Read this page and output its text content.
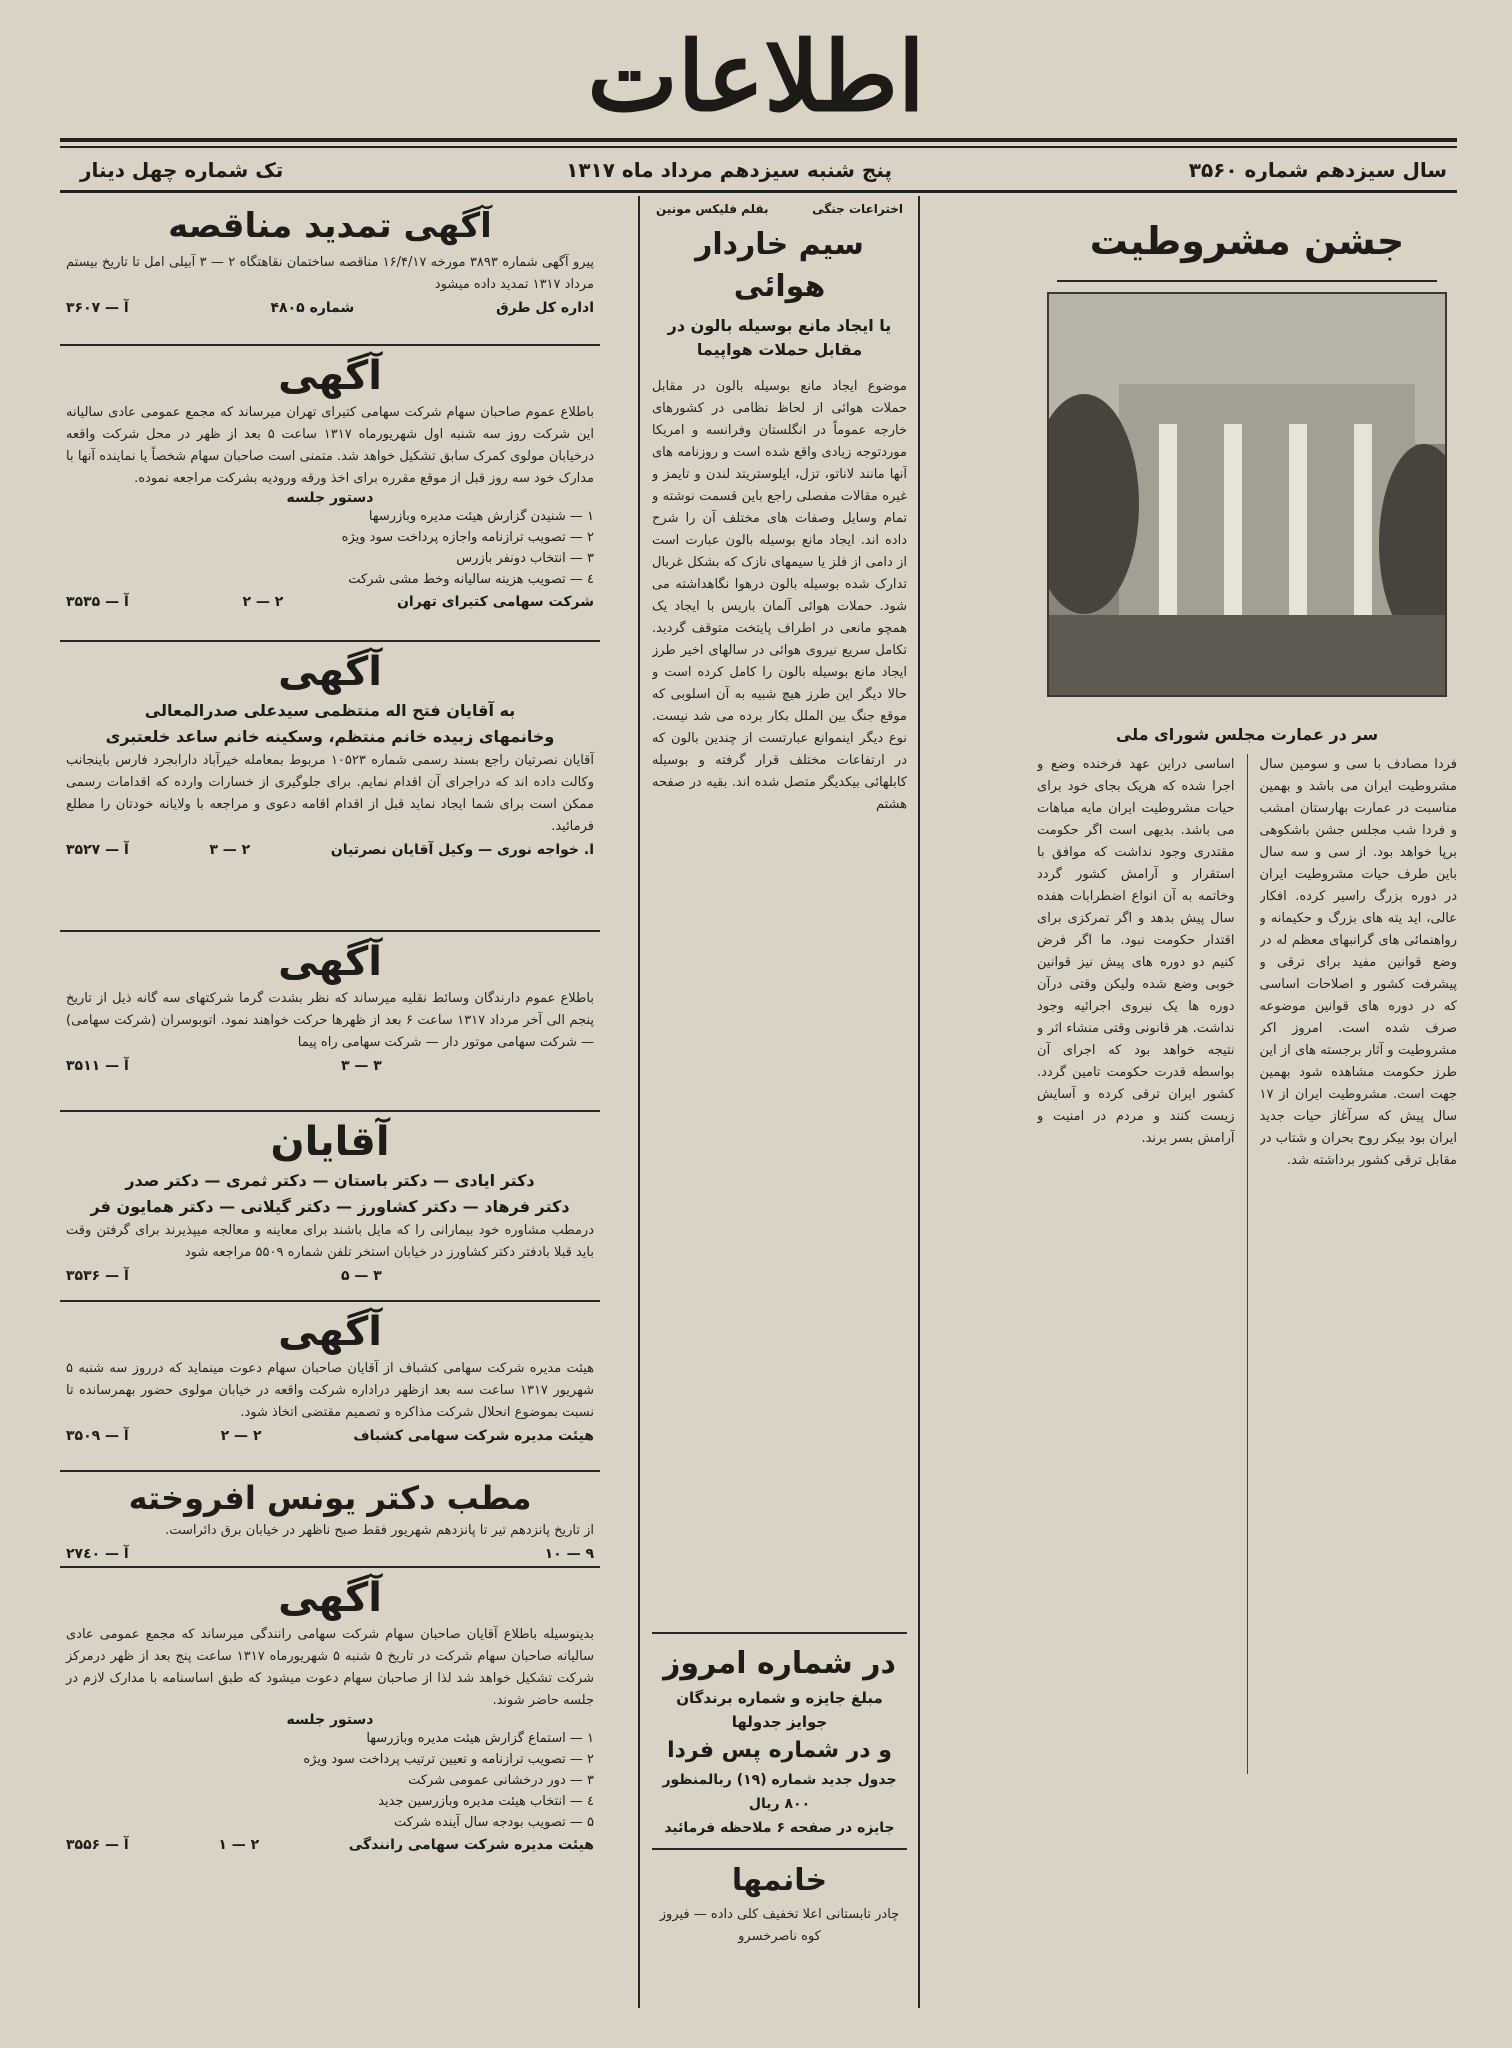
اطلاعات
سال سیزدهم شماره ۳۵۶۰
پنج شنبه سیزدهم مرداد ماه ۱۳۱۷
تک شماره چهل دینار
جشن مشروطیت
سر در عمارت مجلس شورای ملی
فردا مصادف با سی و سومین سال مشروطیت ایران می باشد و بهمین مناسبت در عمارت بهارستان امشب و فردا شب مجلس جشن باشکوهی برپا خواهد بود. از سی و سه سال باین طرف حیات مشروطیت ایران در دوره بزرگ راسیر کرده. افکار عالی، اید یته های بزرگ و حکیمانه و رواهنمائی های گرانبهای معظم له در وضع قوانین مفید برای ترقی و پیشرفت کشور و اصلاحات اساسی که در دوره های قوانین موضوعه صرف شده است. امروز اکر مشروطیت و آثار برجسته های از این طرز حکومت مشاهده شود بهمین جهت است. مشروطیت ایران از ۱۷ سال پیش که سرآغاز حیات جدید ایران بود بیکر روح بحران و شتاب در مقابل ترقی کشور برداشته شد.
اساسی دراین عهد فرخنده وضع و اجرا شده که هریک بجای خود برای حیات مشروطیت ایران مایه مباهات می باشد. بدیهی است اگر حکومت مقتدری وجود نداشت که موافق با استقرار و آرامش کشور گردد وخاتمه به آن انواع اضطرابات هفده سال پیش بدهد و اگر تمرکزی برای اقتدار حکومت نبود. ما اگر فرض کنیم دو دوره های پیش نیز قوانین خوبی وضع شده ولیکن وقتی درآن دوره ها یک نیروی اجرائیه وجود نداشت. هر قانونی وقتی منشاء اثر و نتیجه خواهد بود که اجرای آن بواسطه قدرت حکومت تامین گردد. کشور ایران ترقی کرده و آسایش زیست کنند و مردم در امنیت و آرامش بسر برند.
اختراعات جنگی
بقلم فلیکس مونین
سیم خاردار هوائی
یا ایجاد مانع بوسیله بالون در مقابل حملات هواپیما
موضوع ایجاد مانع بوسیله بالون در مقابل حملات هوائی از لحاظ نظامی در کشورهای خارجه عموماً در انگلستان وفرانسه و امریکا موردتوجه زیادی واقع شده است و روزنامه های آنها مانند لاناتو، تزل، ایلوستریتد لندن و تایمز و غیره مقالات مفصلی راجع باین قسمت نوشته و تمام وسایل وصفات های مختلف آن را شرح داده اند. ایجاد مانع بوسیله بالون عبارت است از دامی از فلز یا سیمهای نازک که بشکل غربال تدارک شده بوسیله بالون درهوا نگاهداشته می شود. حملات هوائی آلمان باریس با ایجاد یک همچو مانعی در اطراف پایتخت متوقف گردید. تکامل سریع نیروی هوائی در سالهای اخیر طرز ایجاد مانع بوسیله بالون را کامل کرده است و حالا دیگر این طرز هیچ شبیه به آن اسلوبی که موقع جنگ بین الملل بکار برده می شد نیست. نوع دیگر اینموانع عبارتست از چندین بالون که در ارتفاعات مختلف قرار گرفته و بوسیله کابلهائی بیکدیگر متصل شده اند. بقیه در صفحه هشتم
در شماره امروز
مبلغ جایزه و شماره برندگان
جوایز جدولها
و در شماره پس فردا
جدول جدید شماره (۱۹) ربالمنظور ۸۰۰ ریال
جایزه در صفحه ۶ ملاحظه فرمائید
خانمها
چادر تابستانی اعلا تخفیف کلی داده — فیروز کوه ناصرخسرو
آگهی تمدید مناقصه
پیرو آگهی شماره ۳۸۹۳ مورخه ۱۶/۴/۱۷ مناقصه ساختمان نقاهتگاه ۲ — ۳ آبیلی امل تا تاریخ بیستم مرداد ۱۳۱۷ تمدید داده میشود
اداره کل طرق
شماره ۴۸۰۵
آ — ۳۶۰۷
آگهی
باطلاع عموم صاحبان سهام شرکت سهامی کتیرای تهران میرساند که مجمع عمومی عادی سالیانه این شرکت روز سه شنبه اول شهریورماه ۱۳۱۷ ساعت ۵ بعد از ظهر در محل شرکت واقعه درخیابان مولوی کمرک سابق تشکیل خواهد شد. متمنی است صاحبان سهام شخصاً یا نماینده آنها با مدارک خود سه روز قبل از موقع مقرره برای اخذ ورقه ورودیه بشرکت مراجعه نموده.
دستور جلسه
۱ — شنیدن گزارش هیئت مدیره وبازرسها
۲ — تصویب ترازنامه واجازه پرداخت سود ویژه
۳ — انتخاب دونفر بازرس
٤ — تصویب هزینه سالیانه وخط مشی شرکت
شرکت سهامی کتیرای تهران
۲ — ۲
آ — ۳۵۳۵
آگهی
به آقایان فتح اله منتظمی سیدعلی صدرالمعالی
وخانمهای زبیده خانم منتظم، وسکینه خانم ساعد خلعتبری
آقایان نصرتیان راجع بسند رسمی شماره ۱۰۵۲۳ مربوط بمعامله خیرآباد دارابجرد فارس باینجانب وکالت داده اند که دراجرای آن اقدام نمایم. برای جلوگیری از خسارات وارده که اقدامات رسمی ممکن است برای شما ایجاد نماید قبل از اقدام اقامه دعوی و مراجعه با ولایانه خودتان را مطلع فرمائید.
ا. خواجه نوری — وکیل آقایان نصرتیان
۲ — ۳
آ — ۳۵۲۷
آگهی
باطلاع عموم دارندگان وسائط نقلیه میرساند که نظر بشدت گرما شرکتهای سه گانه ذیل از تاریخ پنجم الی آخر مرداد ۱۳۱۷ ساعت ۶ بعد از ظهرها حرکت خواهند نمود. اتوبوسران (شرکت سهامی) — شرکت سهامی موتور دار — شرکت سهامی راه پیما
۳ — ۳
آ — ۳۵۱۱
آقایان
دکتر ایادی — دکتر باستان — دکتر ثمری — دکتر صدر
دکتر فرهاد — دکتر کشاورز — دکتر گیلانی — دکتر همایون فر
درمطب مشاوره خود بیمارانی را که مایل باشند برای معاینه و معالجه میپذیرند برای گرفتن وقت باید قبلا بادفتر دکتر کشاورز در خیابان استخر تلفن شماره ۵۵۰۹ مراجعه شود
۳ — ۵
آ — ۳۵۳۶
آگهی
هیئت مدیره شرکت سهامی کشباف از آقایان صاحبان سهام دعوت مینماید که درروز سه شنبه ۵ شهریور ۱۳۱۷ ساعت سه بعد ازظهر دراداره شرکت واقعه در خیابان مولوی حضور بهمرسانده تا نسبت بموضوع انحلال شرکت مذاکره و تصمیم مقتضی اتخاذ شود.
هیئت مدیره شرکت سهامی کشباف
۲ — ۲
آ — ۳۵۰۹
مطب دکتر یونس افروخته
از تاریخ پانزدهم تیر تا پانزدهم شهریور فقط صبح ناظهر در خیابان برق دائراست.
۹ — ۱۰
آ — ۲۷٤۰
آگهی
بدینوسیله باطلاع آقایان صاحبان سهام شرکت سهامی رانندگی میرساند که مجمع عمومی عادی سالیانه صاحبان سهام شرکت در تاریخ ۵ شنبه ۵ شهریورماه ۱۳۱۷ ساعت پنج بعد از ظهر درمرکز شرکت تشکیل خواهد شد لذا از صاحبان سهام دعوت میشود که طبق اساسنامه با مدارک لازم در جلسه حاضر شوند.
دستور جلسه
۱ — استماع گزارش هیئت مدیره وبازرسها
۲ — تصویب ترازنامه و تعیین ترتیب پرداخت سود ویژه
۳ — دور درخشانی عمومی شرکت
٤ — انتخاب هیئت مدیره وبازرسین جدید
۵ — تصویب بودجه سال آینده شرکت
هیئت مدیره شرکت سهامی رانندگی
۲ — ۱
آ — ۳۵۵۶
